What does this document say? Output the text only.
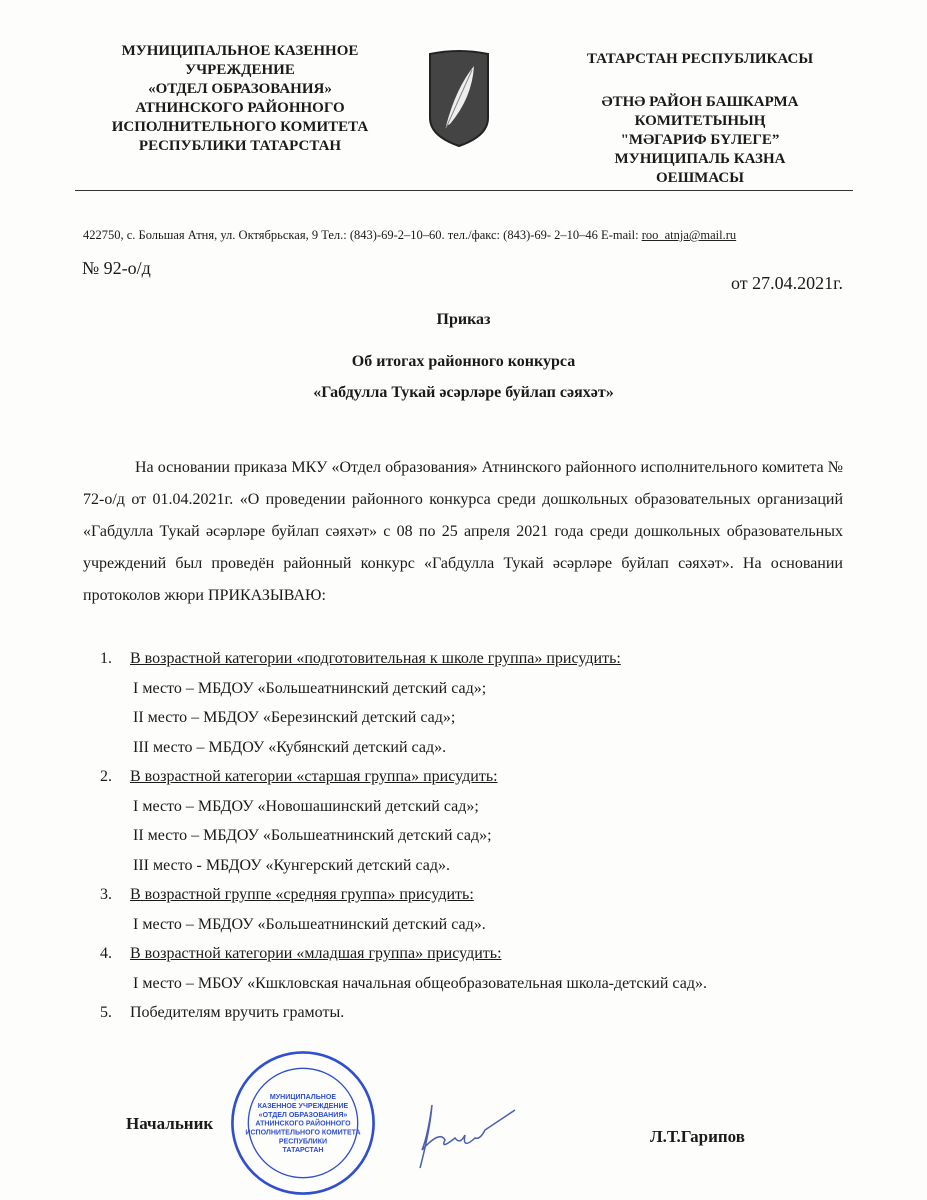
МУНИЦИПАЛЬНОЕ КАЗЕННОЕ
УЧРЕЖДЕНИЕ
«ОТДЕЛ ОБРАЗОВАНИЯ»
АТНИНСКОГО РАЙОННОГО
ИСПОЛНИТЕЛЬНОГО КОМИТЕТА
РЕСПУБЛИКИ ТАТАРСТАН
ТАТАРСТАН РЕСПУБЛИКАСЫ
ӘТНӘ РАЙОН БАШКАРМА
КОМИТЕТЫНЫҢ
"МӘГАРИФ БҮЛЕГЕ”
МУНИЦИПАЛЬ КАЗНА
ОЕШМАСЫ
422750, с. Большая Атня, ул. Октябрьская, 9 Тел.: (843)-69-2–10–60. тел./факс: (843)-69- 2–10–46 E-mail: roo_atnja@mail.ru
№ 92-о/д
от 27.04.2021г.
Приказ
Об итогах районного конкурса
«Габдулла Тукай әсәрләре буйлап сәяхәт»
На основании приказа МКУ «Отдел образования» Атнинского районного исполнительного комитета № 72-о/д от 01.04.2021г. «О проведении районного конкурса среди дошкольных образовательных организаций «Габдулла Тукай әсәрләре буйлап сәяхәт» с 08 по 25 апреля 2021 года среди дошкольных образовательных учреждений был проведён районный конкурс «Габдулла Тукай әсәрләре буйлап сәяхәт». На основании протоколов жюри ПРИКАЗЫВАЮ:
1. В возрастной категории «подготовительная к школе группа» присудить:
I место – МБДОУ «Большеатнинский детский сад»;
II место – МБДОУ «Березинский детский сад»;
III место – МБДОУ «Кубянский детский сад».
2. В возрастной категории «старшая группа» присудить:
I место – МБДОУ «Новошашинский детский сад»;
II место – МБДОУ «Большеатнинский детский сад»;
III место - МБДОУ «Кунгерский детский сад».
3. В возрастной группе «средняя группа» присудить:
I место – МБДОУ «Большеатнинский детский сад».
4. В возрастной категории «младшая группа» присудить:
I место – МБОУ «Кшкловская начальная общеобразовательная школа-детский сад».
5. Победителям вручить грамоты.
МУНИЦИПАЛЬНОЕ
КАЗЕННОЕ УЧРЕЖДЕНИЕ
«ОТДЕЛ ОБРАЗОВАНИЯ»
АТНИНСКОГО РАЙОННОГО
ИСПОЛНИТЕЛЬНОГО КОМИТЕТА
РЕСПУБЛИКИ
ТАТАРСТАН
Начальник
Л.Т.Гарипов
